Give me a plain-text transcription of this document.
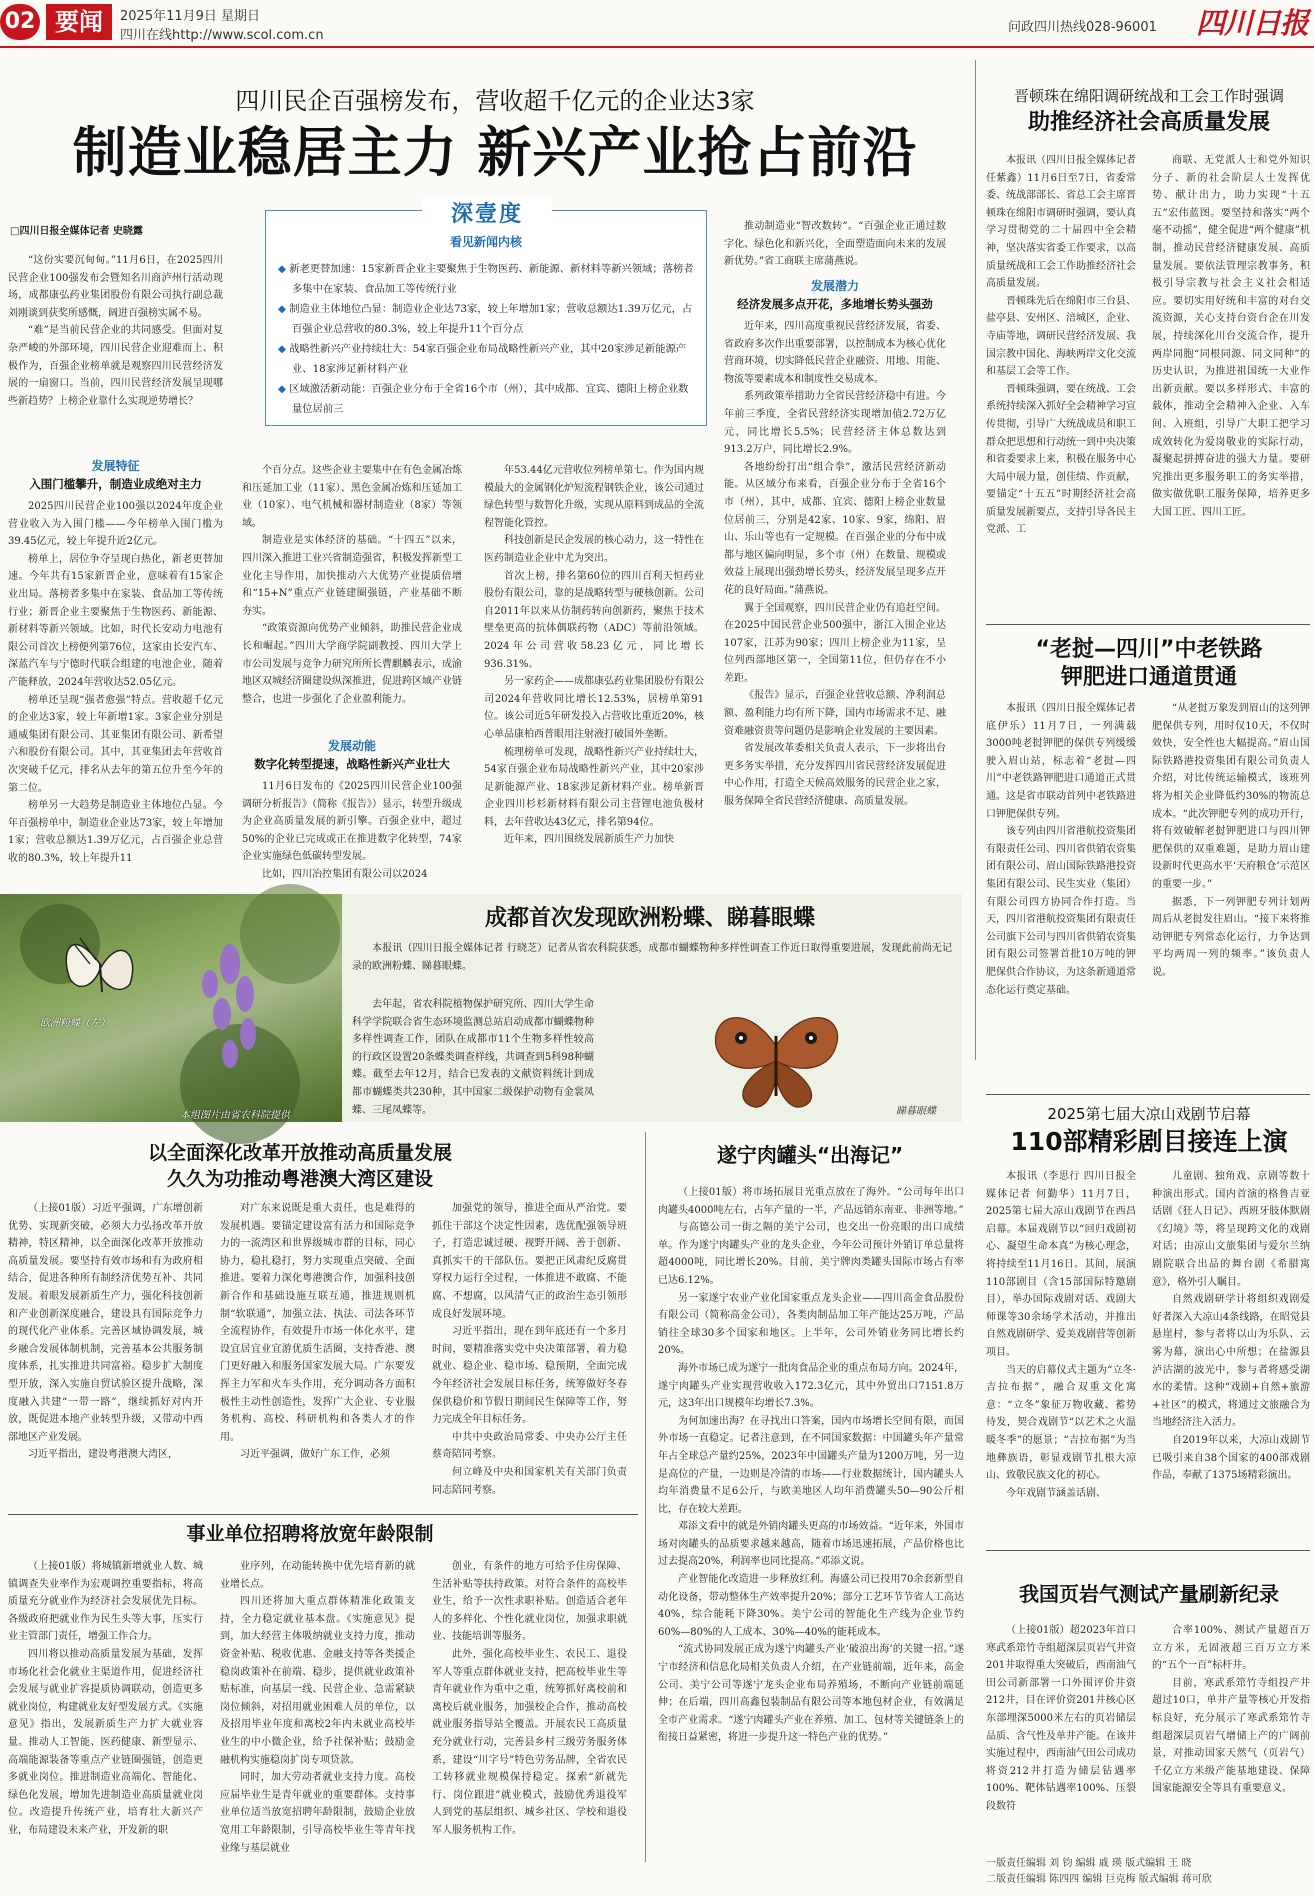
02 要闻	2025年11月9日 星期日
四川在线http://www.scol.com.cn
问政四川热线028-96001 四川日报
四川民企百强榜发布，营收超千亿元的企业达3家
制造业稳居主力 新兴产业抢占前沿
□四川日报全媒体记者 史晓露
“这份实要沉甸甸。”11月6日，在2025四川民营企业100强发布会暨知名川商泸州行活动现场，成都康弘药业集团股份有限公司执行副总裁刘刚谈到获奖所感慨，阔进百强榜实属不易。
“难”是当前民营企业的共同感受。但面对复杂严峻的外部环境，四川民营企业迎难而上、积极作为，百强企业榜单就是观察四川民营经济发展的一扇窗口。当前，四川民营经济发展呈现哪些新趋势？上榜企业靠什么实现逆势增长？
发展特征
入围门槛攀升，制造业成绝对主力
2025四川民营企业100强以2024年度企业营业收入为入围门槛——今年榜单入围门槛为39.45亿元，较上年提升近2亿元。
榜单上，居位争夺呈现白热化，新老更替加速。今年共有15家新晋企业，意味着有15家企业出局。落榜者多集中在家装、食品加工等传统行业；新晋企业主要聚焦于生物医药、新能源、新材料等新兴领域。比如，时代长安动力电池有限公司首次上榜便列第76位，这家由长安汽车、深蓝汽车与宁德时代联合组建的电池企业，随着产能释放，2024年营收达52.05亿元。
榜单还呈现“强者愈强”特点。营收超千亿元的企业达3家，较上年新增1家。3家企业分别是通威集团有限公司、其亚集团有限公司、新希望六和股份有限公司。其中，其亚集团去年营收首次突破千亿元，排名从去年的第五位升至今年的第二位。
榜单另一大趋势是制造业主体地位凸显。今年百强榜单中，制造业企业达73家，较上年增加1家；营收总额达1.39万亿元，占百强企业总营收的80.3%，较上年提升11
深壹度
看见新闻内核
◆ 新老更替加速：15家新晋企业主要聚焦于生物医药、新能源、新材料等新兴领域；落榜者多集中在家装、食品加工等传统行业
◆ 制造业主体地位凸显：制造业企业达73家，较上年增加1家；营收总额达1.39万亿元，占百强企业总营收的80.3%，较上年提升11个百分点
◆ 战略性新兴产业持续壮大：54家百强企业布局战略性新兴产业，其中20家涉足新能源产业、18家涉足新材料产业
◆ 区域激活新动能：百强企业分布于全省16个市（州），其中成都、宜宾、德阳上榜企业数量位居前三
个百分点。这些企业主要集中在有色金属冶炼和压延加工业（11家）、黑色金属冶炼和压延加工业（10家）、电气机械和器材制造业（8家）等领域。
制造业是实体经济的基础。“十四五”以来，四川深入推进工业兴省制造强省，积极发挥新型工业化主导作用，加快推动六大优势产业提质倍增和“15+N”重点产业链建圈强链，产业基础不断夯实。
“政策资源向优势产业倾斜，助推民营企业成长和崛起。”四川大学商学院副教授、四川大学上市公司发展与竞争力研究所所长曹麒麟表示，成渝地区双城经济圈建设纵深推进，促进跨区域产业链整合，也进一步强化了企业盈利能力。
发展动能
数字化转型提速，战略性新兴产业壮大
11月6日发布的《2025四川民营企业100强调研分析报告》（简称《报告》）显示，转型升级成为企业高质量发展的新引擎。百强企业中，超过50%的企业已完成或正在推进数字化转型，74家企业实施绿色低碳转型发展。
比如，四川冶控集团有限公司以2024
年53.44亿元营收位列榜单第七。作为国内规模最大的金属钢化炉短流程钢铁企业，该公司通过绿色转型与数智化升级，实现从原料到成品的全流程智能化管控。
科技创新是民企发展的核心动力，这一特性在医药制造业企业中尤为突出。
首次上榜，排名第60位的四川百利天恒药业股份有限公司，靠的是战略转型与硬核创新。公司自2011年以来从仿制药转向创新药，聚焦于技术壁垒更高的抗体偶联药物（ADC）等前沿领域。2024年公司营收58.23亿元，同比增长936.31%。
另一家药企——成都康弘药业集团股份有限公司2024年营收同比增长12.53%，居榜单第91位。该公司近5年研发投入占营收比重近20%，核心单品康柏西普眼用注射液打破国外垄断。
梳理榜单可发现，战略性新兴产业持续壮大，54家百强企业布局战略性新兴产业，其中20家涉足新能源产业、18家涉足新材料产业。榜单新晋企业四川杉杉新材料有限公司主营锂电池负极材料，去年营收达43亿元，排名第94位。
近年来，四川围绕发展新质生产力加快
推动制造业“智改数转”。“百强企业正通过数字化、绿色化和新兴化，全面塑造面向未来的发展新优势。”省工商联主席蒲燕说。
发展潜力
经济发展多点开花，多地增长势头强劲
近年来，四川高度重视民营经济发展，省委、省政府多次作出重要部署，以控制成本为核心优化营商环境，切实降低民营企业融资、用地、用能、物流等要素成本和制度性交易成本。
系列政策举措助力全省民营经济稳中有进。今年前三季度，全省民营经济实现增加值2.72万亿元，同比增长5.5%；民营经济主体总数达到913.2万户，同比增长2.9%。
各地纷纷打出“组合拳”，激活民营经济新动能。从区域分布来看，百强企业分布于全省16个市（州），其中，成都、宜宾、德阳上榜企业数量位居前三，分别是42家、10家、9家，绵阳、眉山、乐山等也有一定规模。在百强企业的分布中成都与地区偏向明显，多个市（州）在数量、规模或效益上展现出强劲增长势头，经济发展呈现多点开花的良好局面。”蒲燕说。
翼于全国观察，四川民营企业仍有追赶空间。在2025中国民营企业500强中，浙江入围企业达107家，江苏为90家；四川上榜企业为11家，呈位列西部地区第一，全国第11位，但仍存在不小差距。
《报告》显示，百强企业营收总额、净利润总额、盈利能力均有所下降，国内市场需求不足、融资难融资贵等问题仍是影响企业发展的主要因素。
省发展改革委相关负责人表示，下一步将出台更多务实举措，充分发挥四川省民营经济发展促进中心作用，打造全天候高效服务的民营企业之家，服务保障全省民营经济健康、高质量发展。
晋顿珠在绵阳调研统战和工会工作时强调
助推经济社会高质量发展
本报讯（四川日报全媒体记者 任紫鑫）11月6日至7日，省委常委、统战部部长、省总工会主席晋顿珠在绵阳市调研时强调，要认真学习贯彻党的二十届四中全会精神，坚决落实省委工作要求，以高质量统战和工会工作助推经济社会高质量发展。
晋顿珠先后在绵阳市三台县、盐亭县、安州区、涪城区，企业、寺庙等地，调研民营经济发展、我国宗教中国化、海峡两岸文化交流和基层工会等工作。
晋顿珠强调，要在统战、工会系统持续深入抓好全会精神学习宣传贯彻，引导广大统战成员和职工群众把思想和行动统一到中央决策和省委要求上来，积极在服务中心大局中展力量，创佳绩、作贡献，要锚定“十五五”时期经济社会高质量发展新要点，支持引导各民主党派、工
商联、无党派人士和党外知识分子、新的社会阶层人士发挥优势、献计出力，助力实现“十五五”宏伟蓝图。要坚持和落实“两个毫不动摇”，健全促进“两个健康”机制，推动民营经济健康发展、高质量发展。要依法管理宗教事务，积极引导宗教与社会主义社会相适应。要切实用好统和丰富的对台交流资源，关心支持台资台企在川发展，持续深化川台交流合作，提升两岸同胞“同根同源、同文同种”的历史认识，为推进祖国统一大业作出新贡献。要以多样形式、丰富的载体，推动全会精神入企业、入车间、入班组，引导广大职工把学习成效转化为爱岗敬业的实际行动，凝聚起拼搏奋进的强大力量。要研究推出更多服务职工的务实举措，做实做优职工服务保障，培养更多大国工匠、四川工匠。
“老挝—四川”中老铁路
钾肥进口通道贯通
本报讯（四川日报全媒体记者 底伊乐）11月7日，一列满载3000吨老挝钾肥的保供专列缓缓驶入眉山站，标志着“老挝—四川”中老铁路钾肥进口通道正式贯通。这是省市联动首列中老铁路进口钾肥保供专列。
该专列由四川省港航投资集团有限责任公司、四川省供销农资集团有限公司、眉山国际铁路港投资集团有限公司、民生实业（集团）有限公司四方协同合作打造。当天，四川省港航投资集团有限责任公司旗下公司与四川省供销农资集团有限公司签署首批10万吨的钾肥保供合作协议，为这条新通道常态化运行奠定基础。
“从老挝万象发到眉山的这列钾肥保供专列，用时仅10天，不仅时效快，安全性也大幅提高。”眉山国际铁路港投资集团有限公司负责人介绍，对比传统运输模式，该班列将为相关企业降低约30%的物流总成本。“此次钾肥专列的成功开行，将有效破解老挝钾肥进口与四川钾肥保供的双重难题，是助力眉山建设新时代更高水平‘天府粮仓’示范区的重要一步。”
据悉，下一列钾肥专列计划两周后从老挝发往眉山。“接下来将推动钾肥专列常态化运行，力争达到平均两周一列的频率。”该负责人说。
2025第七届大凉山戏剧节启幕
110部精彩剧目接连上演
本报讯（李思行 四川日报全媒体记者 何勤华）11月7日，2025第七届大凉山戏剧节在西昌启幕。本届戏剧节以“回归戏剧初心、凝望生命本真”为核心理念，将持续至11月16日。其间，展演110部剧目（含15部国际特邀剧目），举办国际戏剧对话、戏剧大师课等30余场学术活动，并推出自然戏剧研学、爱美戏剧营等创新项目。
当天的启幕仪式主题为“立冬·吉拉布据”，融合双重文化寓意：“立冬”象征万物收藏、蓄势待发，契合戏剧节“以艺术之火温暖冬季”的愿景；“吉拉布据”为当地彝族语，彰显戏剧节扎根大凉山、致敬民族文化的初心。
今年戏剧节涵盖话剧、
儿童剧、独角戏、京剧等数十种演出形式。国内首演的格鲁吉亚话剧《狂人日记》、西班牙肢体默剧《幻境》等，将呈现跨文化的戏剧对话；由凉山文旅集团与爱尔兰纳剧院联合出品的舞台剧《希腊寓意》，格外引人瞩目。
自然戏剧研学计将组织戏剧爱好者深入大凉山4条线路，在昭觉县悬崖村，参与者将以山为乐队、云雾为幕，演出心中所想；在盐源县泸沽湖的波光中，参与者将感受湖水的柔情。这种“戏剧+自然+旅游+社区”的模式，将通过文旅融合为当地经济注入活力。
自2019年以来，大凉山戏剧节已吸引来自38个国家的400部戏剧作品，奉献了1375场精彩演出。
我国页岩气测试产量刷新纪录
（上接01版）超2023年首口寒武系筇竹寺组超深层页岩气井资201井取得重大突破后，西南油气田公司新部署一口外围评价井资212井，目在评价资201井核心区东部埋深5000米左右的页岩储层品质、含气性及单井产能。在该井实施过程中，西南油气田公司成功将资212井打造为储层钻遇率100%、靶体钻遇率100%、压裂段数符
合率100%、测试产量超百万立方米，无固液超三百万立方米的“五个一百”标杆井。
目前，寒武系筇竹寺组投产井超过10口，单井产量等核心开发指标良好，充分展示了寒武系筇竹寺组超深层页岩气增储上产的广阔前景，对推动国家天然气（页岩气）千亿立方米级产能基地建设、保障国家能源安全等具有重要意义。
欧洲粉蝶（左）
本组图片由省农科院提供
成都首次发现欧洲粉蝶、睇暮眼蝶
本报讯（四川日报全媒体记者 行晓芝）记者从省农科院获悉，成都市蝴蝶物种多样性调查工作近日取得重要进展，发现此前尚无记录的欧洲粉蝶、睇暮眼蝶。
去年起，省农科院植物保护研究所、四川大学生命科学学院联合省生态环境监测总站启动成都市蝴蝶物种多样性调查工作，团队在成都市11个生物多样性较高的行政区设置20条蝶类调查样线，共调查到5科98种蝴蝶。截至去年12月，结合已发表的文献资料统计到成都市蝴蝶类共230种，其中国家二级保护动物有金裳凤蝶、三尾凤蝶等。	睇暮眼蝶
以全面深化改革开放推动高质量发展
久久为功推动粤港澳大湾区建设
（上接01版）习近平强调，广东增创新优势、实现新突破，必须大力弘扬改革开放精神，特区精神，以全面深化改革开放推动高质量发展。要坚持有效市场和有为政府相结合，促进各种所有制经济优势互补、共同发展。着眼发展新质生产力，强化科技创新和产业创新深度融合，建设具有国际竞争力的现代化产业体系。完善区域协调发展，城乡融合发展体制机制，完善基本公共服务制度体系，扎实推进共同富裕。稳步扩大制度型开放，深入实施自贸试验区提升战略，深度融入共建“一带一路”，继续抓好对内开放，既促进本地产业转型升级，又带动中西部地区产业发展。
习近平指出，建设粤港澳大湾区，
对广东来说既是重大责任，也是难得的发展机遇。要锚定建设富有活力和国际竞争力的一流湾区和世界级城市群的目标，同心协力，稳扎稳打，努力实现重点突破、全面推进。要着力深化粤港澳合作，加强科技创新合作和基础设施互联互通，推进规则机制“软联通”，加强立法、执法、司法各环节全流程协作，有效提升市场一体化水平，建设宜居宜业宜游优质生活圈，支持香港、澳门更好融入和服务国家发展大局。广东要发挥主力军和火车头作用，充分调动各方面积极性主动性创造性，发挥广大企业、专业服务机构、高校、科研机构和各类人才的作用。
习近平强调，做好广东工作，必须
加强党的领导，推进全面从严治党。要抓住干部这个决定性因素，选优配强领导班子，打造忠诚过硬、视野开阔、善于创新、真抓实干的干部队伍。要把正风肃纪反腐贯穿权力运行全过程，一体推进不敢腐、不能腐、不想腐，以风清气正的政治生态引领形成良好发展环境。
习近平指出，现在到年底还有一个多月时间，要精准落实党中央决策部署，着力稳就业、稳企业、稳市场、稳预期，全面完成今年经济社会发展目标任务，统筹做好冬春保供稳价和节假日期间民生保障等工作，努力完成全年目标任务。
中共中央政治局常委、中央办公厅主任蔡奇陪同考察。
何立峰及中央和国家机关有关部门负责同志陪同考察。
事业单位招聘将放宽年龄限制
（上接01版）将城镇新增就业人数、城镇调查失业率作为宏观调控重要指标，将高质量充分就业作为经济社会发展优先目标。各级政府把就业作为民生头等大事，压实行业主管部门责任，增强工作合力。
四川将以推动高质量发展为基础，发挥市场化社会化就业主渠道作用，促进经济社会发展与就业扩容提质协调联动，创造更多就业岗位，构建就业友好型发展方式。《实施意见》指出，发展新质生产力扩大就业容量。推动人工智能、医药健康、新型显示、高端能源装备等重点产业链圈强链，创造更多就业岗位。推进制造业高端化、智能化、绿色化发展，增加先进制造业高质量就业岗位。改造提升传统产业，培育壮大新兴产业，布局建设未来产业，开发新的职
业序列，在动能转换中优先培育新的就业增长点。
四川还将加大重点群体精准化政策支持，全力稳定就业基本盘。《实施意见》提到，加大经营主体吸纳就业支持力度，推动资金补贴、税收优惠、金融支持等各类援企稳岗政策补在前端、稳步，提供就业政策补贴标准，向基层一线、民营企业、急需紧缺岗位倾斜，对招用就业困难人员的单位，以及招用毕业年度和离校2年内未就业高校毕业生的中小微企业，给予社保补贴；鼓励金融机构实施稳岗扩岗专项贷款。
同时，加大劳动者就业支持力度。高校应届毕业生是青年就业的重要群体。支持事业单位适当放宽招聘年龄限制，鼓励企业放宽用工年龄限制，引导高校毕业生等青年找业缘与基层就业
创业，有条件的地方可给予住房保障、生活补贴等扶持政策。对符合条件的高校毕业生，给予一次性求职补贴。创造适合老年人的多样化、个性化就业岗位，加强求职就业、技能培训等服务。
此外，强化高校毕业生、农民工、退役军人等重点群体就业支持，把高校毕业生等青年就业作为重中之重，统筹抓好离校前和离校后就业服务，加强校企合作，推动高校就业服务指导站全覆盖。开展农民工高质量充分就业行动，完善县乡村三级劳务服务体系，建设“川字号”特色劳务品牌，全省农民工转移就业规模保持稳定。探索“新就先行、岗位跟进”就业模式，鼓励优秀退役军人到党的基层组织、城乡社区、学校和退役军人服务机构工作。
遂宁肉罐头“出海记”
（上接01版）将市场拓展目光重点放在了海外。“公司每年出口肉罐头4000吨左右，占年产量的一半，产品远销东南亚、非洲等地。”
与高德公司一街之隔的美宁公司，也交出一份亮眼的出口成绩单。作为遂宁肉罐头产业的龙头企业，今年公司预计外销订单总量将超4000吨，同比增长20%。目前，美宁牌肉类罐头国际市场占有率已达6.12%。
另一家遂宁农业产业化国家重点龙头企业——四川高金食品股份有限公司（简称高金公司），各类肉制品加工年产能达25万吨，产品销往全球30多个国家和地区。上半年，公司外销业务同比增长约20%。
海外市场已成为遂宁一批肉食品企业的重点布局方向。2024年，遂宁肉罐头产业实现营收收入172.3亿元，其中外贸出口7151.8万元，这3年出口规模年均增长7.3%。
为何加速出海？在寻找出口答案，国内市场增长空间有限，而国外市场一直稳定。记者注意到，在不同国家数据：中国罐头年产量常年占全球总产量约25%，2023年中国罐头产量为1200万吨，另一边是高位的产量，一边则是冷清的市场——行业数据统计，国内罐头人均年消费量不足6公斤，与欧美地区人均年消费罐头50—90公斤相比，存在较大差距。
邓添文看中的就是外销肉罐头更高的市场效益。“近年来，外国市场对肉罐头的品质要求越来越高，随着市场迅速拓展，产品价格也比过去提高20%，利润率也同比提高。”邓添文说。
产业智能化改造进一步释放红利。海盛公司已投用70余套新型自动化设备，带动整体生产效率提升20%；部分工艺环节节省人工高达40%，综合能耗下降30%。美宁公司的智能化生产线为企业节约60%—80%的人工成本、30%—40%的能耗成本。
“流式协同发展正成为遂宁肉罐头产业‘破浪出海’的关键一招。”遂宁市经济和信息化局相关负责人介绍，在产业链前端，近年来，高金公司、美宁公司等遂宁龙头企业布局养殖场，不断向产业链前端延伸；在后端，四川高鑫包装制品有限公司等本地包材企业，有效满足全市产业需求。“遂宁肉罐头产业在养殖、加工、包材等关键链条上的衔接日益紧密，将进一步提升这一特色产业的优势。”
一版责任编辑 刘 钧 编辑 戚 瑛 版式编辑 王 晓
二版责任编辑 陈四四 编辑 巨克梅 版式编辑 蒋可欣
